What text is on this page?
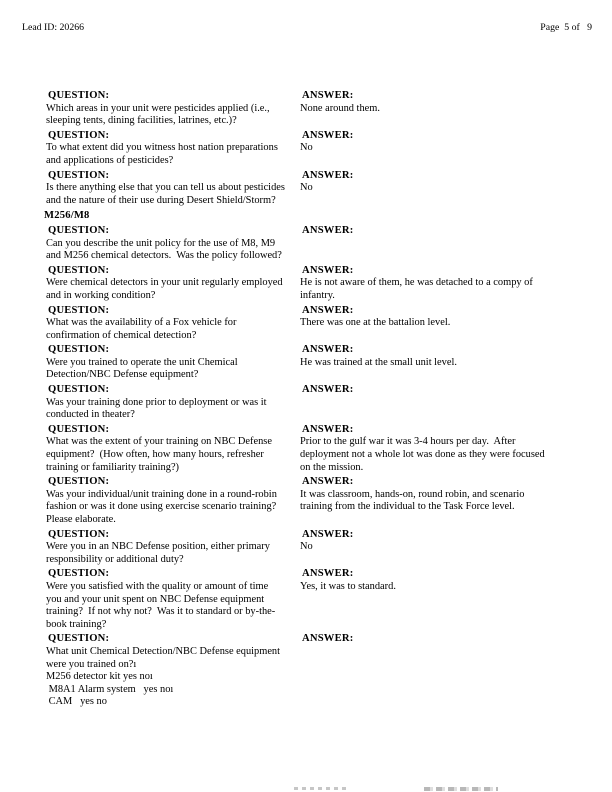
Lead ID: 20266	Page  5 of   9
QUESTION:
Which areas in your unit were pesticides applied (i.e.,
sleeping tents, dining facilities, latrines, etc.)?
ANSWER:
None around them.
QUESTION:
To what extent did you witness host nation preparations
and applications of pesticides?
ANSWER:
No
QUESTION:
Is there anything else that you can tell us about pesticides
and the nature of their use during Desert Shield/Storm?
ANSWER:
No
M256/M8
QUESTION:
Can you describe the unit policy for the use of M8, M9
and M256 chemical detectors.  Was the policy followed?
ANSWER:
QUESTION:
Were chemical detectors in your unit regularly employed
and in working condition?
ANSWER:
He is not aware of them, he was detached to a compy of
infantry.
QUESTION:
What was the availability of a Fox vehicle for
confirmation of chemical detection?
ANSWER:
There was one at the battalion level.
QUESTION:
Were you trained to operate the unit Chemical
Detection/NBC Defense equipment?
ANSWER:
He was trained at the small unit level.
QUESTION:
Was your training done prior to deployment or was it
conducted in theater?
ANSWER:
QUESTION:
What was the extent of your training on NBC Defense
equipment?  (How often, how many hours, refresher
training or familiarity training?)
ANSWER:
Prior to the gulf war it was 3-4 hours per day.  After
deployment not a whole lot was done as they were focused
on the mission.
QUESTION:
Was your individual/unit training done in a round-robin
fashion or was it done using exercise scenario training?
Please elaborate.
ANSWER:
It was classroom, hands-on, round robin, and scenario
training from the individual to the Task Force level.
QUESTION:
Were you in an NBC Defense position, either primary
responsibility or additional duty?
ANSWER:
No
QUESTION:
Were you satisfied with the quality or amount of time
you and your unit spent on NBC Defense equipment
training?  If not why not?  Was it to standard or by-the-
book training?
ANSWER:
Yes, it was to standard.
QUESTION:
What unit Chemical Detection/NBC Defense equipment
were you trained on?ı
M256 detector kit yes noı
M8A1 Alarm system   yes noı
CAM   yes no
ANSWER:
